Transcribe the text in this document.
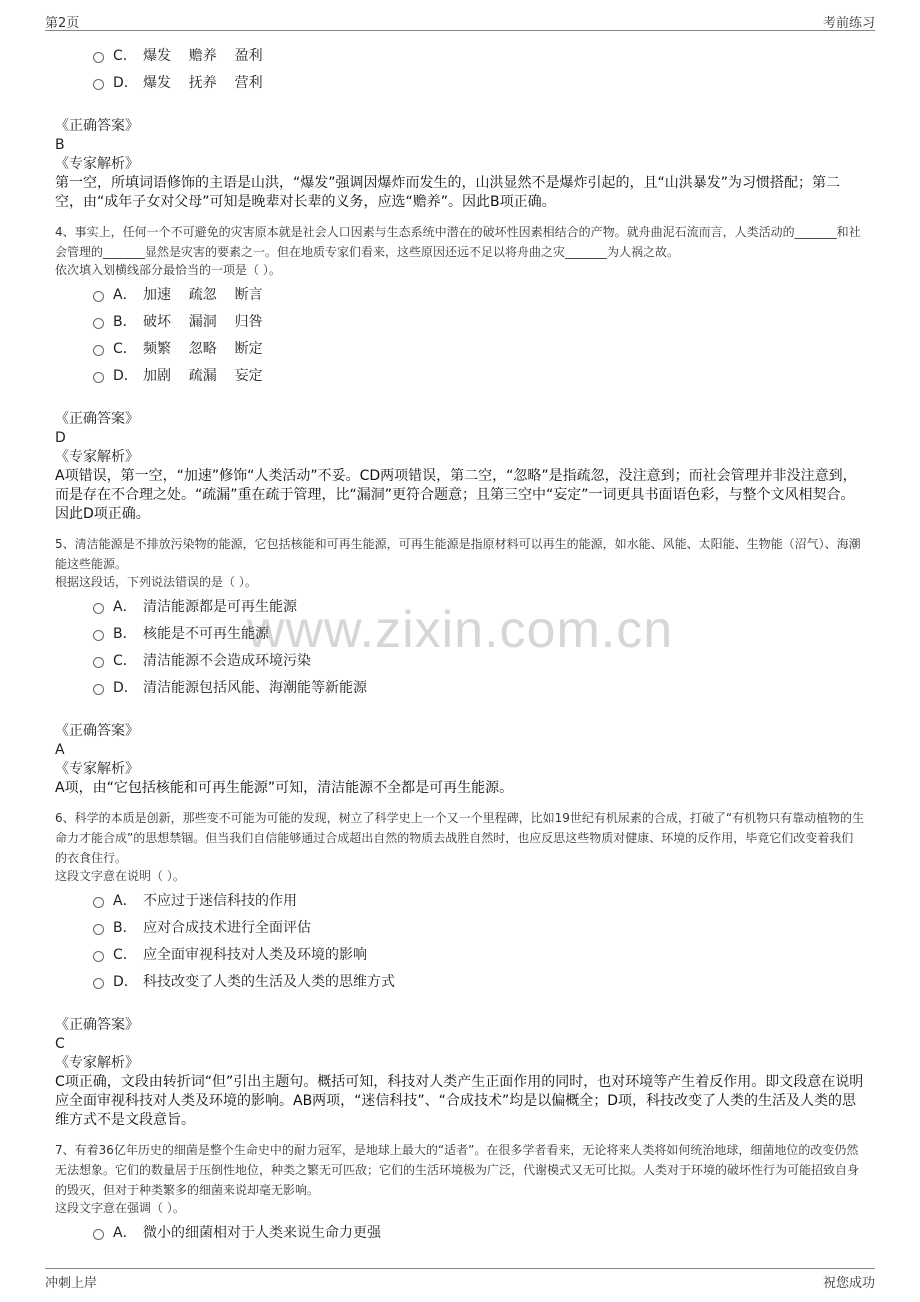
第2页	考前练习
www.zixin.com.cn
C． 爆发    赡养    盈利
D． 爆发    抚养    营利
《正确答案》
B
《专家解析》
第一空，所填词语修饰的主语是山洪，“爆发”强调因爆炸而发生的，山洪显然不是爆炸引起的，且“山洪暴发”为习惯搭配；第二空，由“成年子女对父母”可知是晚辈对长辈的义务，应选“赡养”。因此B项正确。
4、事实上，任何一个不可避免的灾害原本就是社会人口因素与生态系统中潜在的破坏性因素相结合的产物。就舟曲泥石流而言，人类活动的_______和社会管理的_______显然是灾害的要素之一。但在地质专家们看来，这些原因还远不足以将舟曲之灾_______为人祸之故。
依次填入划横线部分最恰当的一项是（ ）。
A． 加速    疏忽    断言
B． 破坏    漏洞    归咎
C． 频繁    忽略    断定
D． 加剧    疏漏    妄定
《正确答案》
D
《专家解析》
A项错误，第一空，“加速”修饰“人类活动”不妥。CD两项错误，第二空，“忽略”是指疏忽，没注意到；而社会管理并非没注意到，而是存在不合理之处。“疏漏”重在疏于管理，比“漏洞”更符合题意；且第三空中“妄定”一词更具书面语色彩，与整个文风相契合。因此D项正确。
5、清洁能源是不排放污染物的能源，它包括核能和可再生能源，可再生能源是指原材料可以再生的能源，如水能、风能、太阳能、生物能（沼气）、海潮能这些能源。
根据这段话，下列说法错误的是（ ）。
A． 清洁能源都是可再生能源
B． 核能是不可再生能源
C． 清洁能源不会造成环境污染
D． 清洁能源包括风能、海潮能等新能源
《正确答案》
A
《专家解析》
A项，由“它包括核能和可再生能源”可知，清洁能源不全都是可再生能源。
6、科学的本质是创新，那些变不可能为可能的发现，树立了科学史上一个又一个里程碑，比如19世纪有机尿素的合成，打破了“有机物只有靠动植物的生命力才能合成”的思想禁锢。但当我们自信能够通过合成超出自然的物质去战胜自然时，也应反思这些物质对健康、环境的反作用，毕竟它们改变着我们的衣食住行。
这段文字意在说明（ ）。
A． 不应过于迷信科技的作用
B． 应对合成技术进行全面评估
C． 应全面审视科技对人类及环境的影响
D． 科技改变了人类的生活及人类的思维方式
《正确答案》
C
《专家解析》
C项正确，文段由转折词“但”引出主题句。概括可知，科技对人类产生正面作用的同时，也对环境等产生着反作用。即文段意在说明应全面审视科技对人类及环境的影响。AB两项，“迷信科技”、“合成技术”均是以偏概全；D项，科技改变了人类的生活及人类的思维方式不是文段意旨。
7、有着36亿年历史的细菌是整个生命史中的耐力冠军，是地球上最大的“适者”。在很多学者看来，无论将来人类将如何统治地球，细菌地位的改变仍然无法想象。它们的数量居于压倒性地位，种类之繁无可匹敌；它们的生活环境极为广泛，代谢模式又无可比拟。人类对于环境的破坏性行为可能招致自身的毁灭，但对于种类繁多的细菌来说却毫无影响。
这段文字意在强调（ ）。
A． 微小的细菌相对于人类来说生命力更强
冲刺上岸	祝您成功
